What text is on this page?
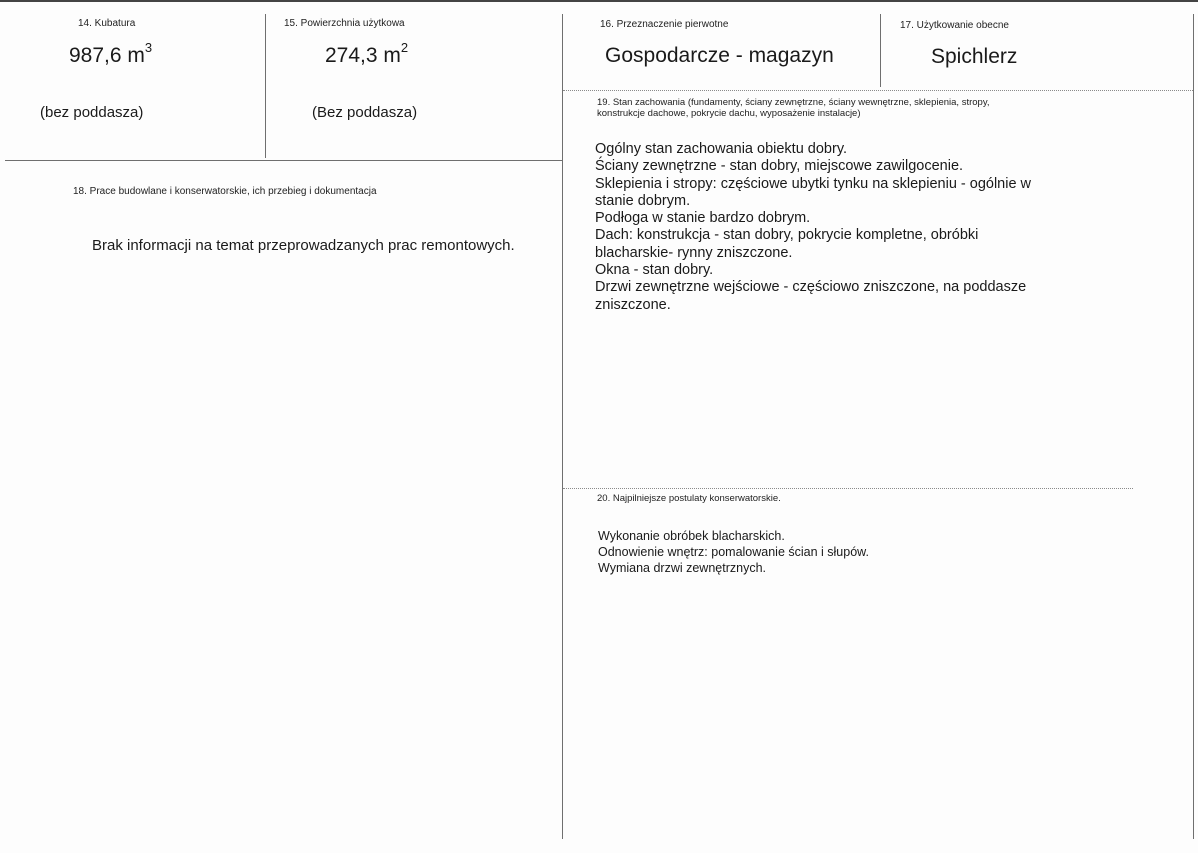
14. Kubatura
987,6 $m^3$
(bez poddasza)
15. Powierzchnia użytkowa
274,3 $m^2$
(Bez poddasza)
16. Przeznaczenie pierwotne
Gospodarcze - magazyn
17. Użytkowanie obecne
Spichlerz
18. Prace budowlane i konserwatorskie, ich przebieg i dokumentacja
Brak informacji na temat przeprowadzanych prac remontowych.
19. Stan zachowania (fundamenty, ściany zewnętrzne, ściany wewnętrzne, sklepienia, stropy,
konstrukcje dachowe, pokrycie dachu, wyposażenie instalacje)
Ogólny stan zachowania obiektu dobry.
Ściany zewnętrzne - stan dobry, miejscowe zawilgocenie.
Sklepienia i stropy: częściowe ubytki tynku na sklepieniu - ogólnie w
stanie dobrym.
Podłoga w stanie bardzo dobrym.
Dach: konstrukcja - stan dobry, pokrycie kompletne, obróbki
blacharskie- rynny zniszczone.
Okna - stan dobry.
Drzwi zewnętrzne wejściowe - częściowo zniszczone, na poddasze
zniszczone.
20. Najpilniejsze postulaty konserwatorskie.
Wykonanie obróbek blacharskich.
Odnowienie wnętrz: pomalowanie ścian i słupów.
Wymiana drzwi zewnętrznych.
